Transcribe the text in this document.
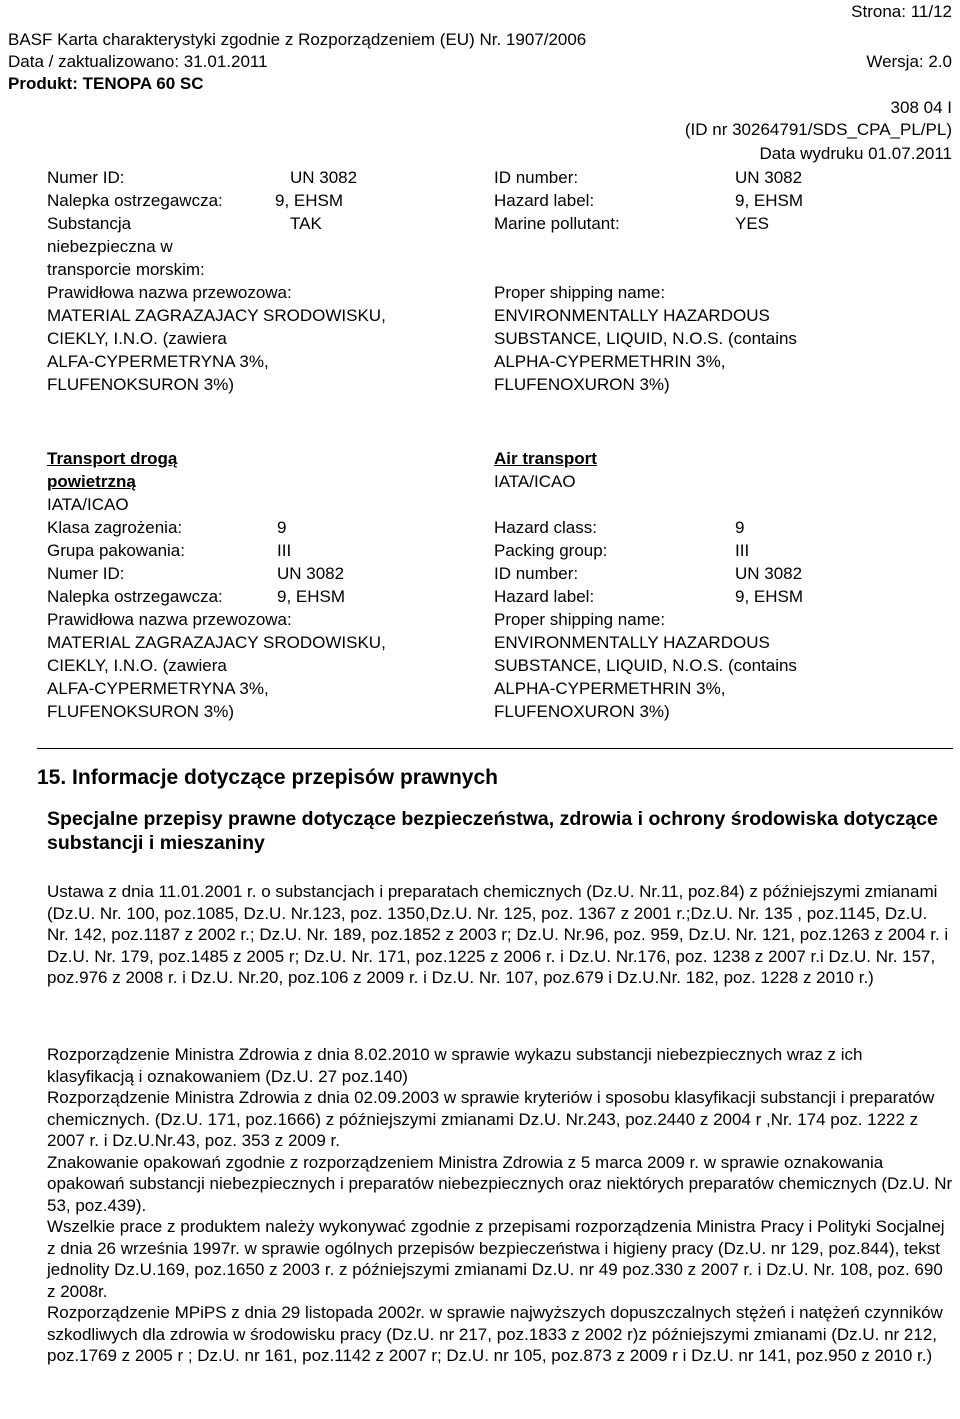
Strona: 11/12
BASF Karta charakterystyki zgodnie z Rozporządzeniem (EU) Nr. 1907/2006
Data / zaktualizowano: 31.01.2011	Wersja: 2.0
Produkt: TENOPA 60 SC
308 04 I
(ID nr 30264791/SDS_CPA_PL/PL)
Data wydruku 01.07.2011
Numer ID:	UN 3082
Nalepka ostrzegawcza:	9, EHSM
Substancja	TAK
niebezpieczna w
transporcie morskim:
Prawidłowa nazwa przewozowa:
MATERIAL ZAGRAZAJACY SRODOWISKU,
CIEKLY, I.N.O. (zawiera
ALFA-CYPERMETRYNA 3%,
FLUFENOKSURON 3%)
ID number:	UN 3082
Hazard label:	9, EHSM
Marine pollutant:	YES
Proper shipping name:
ENVIRONMENTALLY HAZARDOUS
SUBSTANCE, LIQUID, N.O.S. (contains
ALPHA-CYPERMETHRIN 3%,
FLUFENOXURON 3%)
Transport drogą
powietrzną
IATA/ICAO
Klasa zagrożenia:	9
Grupa pakowania:	III
Numer ID:	UN 3082
Nalepka ostrzegawcza:	9, EHSM
Prawidłowa nazwa przewozowa:
MATERIAL ZAGRAZAJACY SRODOWISKU,
CIEKLY, I.N.O. (zawiera
ALFA-CYPERMETRYNA 3%,
FLUFENOKSURON 3%)
Air transport
IATA/ICAO
Hazard class:	9
Packing group:	III
ID number:	UN 3082
Hazard label:	9, EHSM
Proper shipping name:
ENVIRONMENTALLY HAZARDOUS
SUBSTANCE, LIQUID, N.O.S. (contains
ALPHA-CYPERMETHRIN 3%,
FLUFENOXURON 3%)
15. Informacje dotyczące przepisów prawnych
Specjalne przepisy prawne dotyczące bezpieczeństwa, zdrowia i ochrony środowiska dotyczące substancji i mieszaniny

Ustawa z dnia 11.01.2001 r. o substancjach i preparatach chemicznych (Dz.U. Nr.11, poz.84) z późniejszymi zmianami (Dz.U. Nr. 100, poz.1085, Dz.U. Nr.123, poz. 1350,Dz.U. Nr. 125, poz. 1367 z 2001 r.;Dz.U. Nr. 135 , poz.1145, Dz.U. Nr. 142, poz.1187 z 2002 r.; Dz.U. Nr. 189, poz.1852 z 2003 r; Dz.U. Nr.96, poz. 959, Dz.U. Nr. 121, poz.1263 z 2004 r. i Dz.U. Nr. 179, poz.1485 z 2005 r; Dz.U. Nr. 171, poz.1225 z 2006 r. i Dz.U. Nr.176, poz. 1238 z 2007 r.i Dz.U. Nr. 157, poz.976 z 2008 r. i Dz.U. Nr.20, poz.106 z 2009 r. i Dz.U. Nr. 107, poz.679 i Dz.U.Nr. 182, poz. 1228 z 2010 r.)

Rozporządzenie Ministra Zdrowia z dnia 8.02.2010 w sprawie wykazu substancji niebezpiecznych wraz z ich klasyfikacją i oznakowaniem (Dz.U. 27 poz.140)

Rozporządzenie Ministra Zdrowia z dnia 02.09.2003 w sprawie kryteriów i sposobu klasyfikacji substancji i preparatów chemicznych. (Dz.U. 171, poz.1666) z późniejszymi zmianami Dz.U. Nr.243, poz.2440 z 2004 r ,Nr. 174 poz. 1222 z 2007 r. i Dz.U.Nr.43, poz. 353 z 2009 r.

Znakowanie opakowań zgodnie z rozporządzeniem Ministra Zdrowia z 5 marca 2009 r. w sprawie oznakowania opakowań substancji niebezpiecznych i preparatów niebezpiecznych oraz niektórych preparatów chemicznych (Dz.U. Nr 53, poz.439).

Wszelkie prace z produktem należy wykonywać zgodnie z przepisami rozporządzenia Ministra Pracy i Polityki Socjalnej z dnia 26 września 1997r. w sprawie ogólnych przepisów bezpieczeństwa i higieny pracy (Dz.U. nr 129, poz.844), tekst jednolity Dz.U.169, poz.1650 z 2003 r. z późniejszymi zmianami Dz.U. nr 49 poz.330 z 2007 r. i Dz.U. Nr. 108, poz. 690 z 2008r.

Rozporządzenie MPiPS z dnia 29 listopada 2002r. w sprawie najwyższych dopuszczalnych stężeń i natężeń czynników szkodliwych dla zdrowia w środowisku pracy (Dz.U. nr 217, poz.1833 z 2002 r)z późniejszymi zmianami (Dz.U. nr 212, poz.1769 z 2005 r ; Dz.U. nr 161, poz.1142 z 2007 r; Dz.U. nr 105, poz.873 z 2009 r i Dz.U. nr 141, poz.950 z 2010 r.)
